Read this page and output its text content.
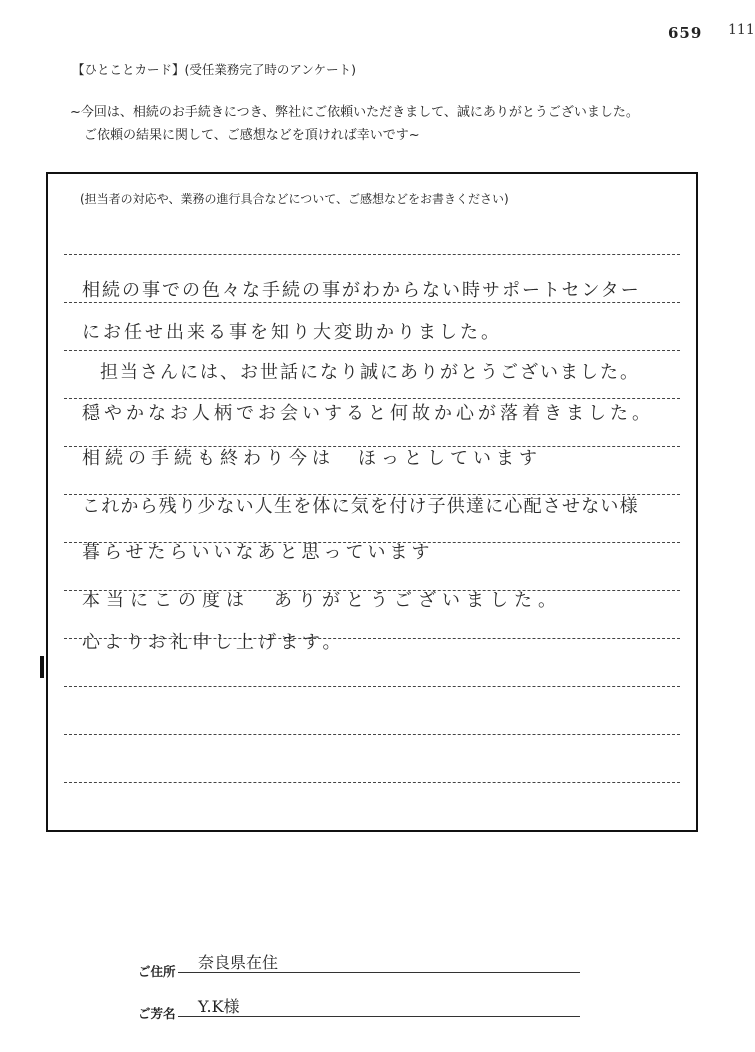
659 111
【ひとことカード】(受任業務完了時のアンケート)
~今回は、相続のお手続きにつき、弊社にご依頼いただきまして、誠にありがとうございました。
ご依頼の結果に関して、ご感想などを頂ければ幸いです~
(担当者の対応や、業務の進行具合などについて、ご感想などをお書きください)
相続の事での色々な手続の事がわからない時サポートセンター
にお任せ出来る事を知り大変助かりました。
担当さんには、お世話になり誠にありがとうございました。
穏やかなお人柄でお会いすると何故か心が落着きました。
相続の手続も終わり今は　ほっとしています
これから残り少ない人生を体に気を付け子供達に心配させない様
暮らせたらいいなあと思っています
本当にこの度は　ありがとうございました。
心よりお礼申し上げます。
ご住所 奈良県在住
ご芳名 Y.K様
